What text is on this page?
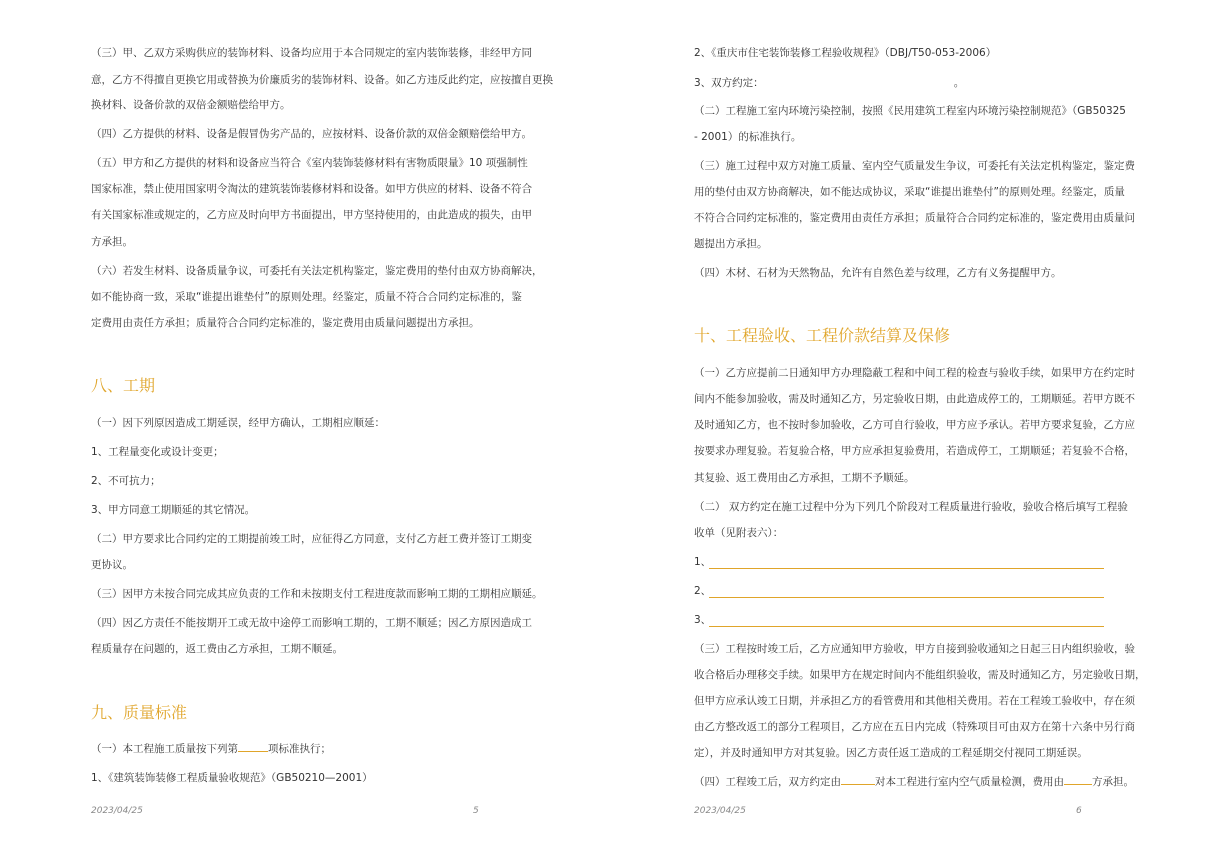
（三）甲、乙双方采购供应的装饰材料、设备均应用于本合同规定的室内装饰装修，非经甲方同
意，乙方不得擅自更换它用或替换为价廉质劣的装饰材料、设备。如乙方违反此约定，应按擅自更换
换材料、设备价款的双倍金额赔偿给甲方。
（四）乙方提供的材料、设备是假冒伪劣产品的，应按材料、设备价款的双倍金额赔偿给甲方。
（五）甲方和乙方提供的材料和设备应当符合《室内装饰装修材料有害物质限量》10 项强制性
国家标准，禁止使用国家明令淘汰的建筑装饰装修材料和设备。如甲方供应的材料、设备不符合
有关国家标准或规定的，乙方应及时向甲方书面提出，甲方坚持使用的，由此造成的损失，由甲
方承担。
（六）若发生材料、设备质量争议，可委托有关法定机构鉴定，鉴定费用的垫付由双方协商解决，
如不能协商一致，采取“谁提出谁垫付”的原则处理。经鉴定，质量不符合合同约定标准的，鉴
定费用由责任方承担；质量符合合同约定标准的，鉴定费用由质量问题提出方承担。
八、工期
（一）因下列原因造成工期延误，经甲方确认，工期相应顺延：
1、工程量变化或设计变更；
2、不可抗力；
3、甲方同意工期顺延的其它情况。
（二）甲方要求比合同约定的工期提前竣工时，应征得乙方同意，支付乙方赶工费并签订工期变
更协议。
（三）因甲方未按合同完成其应负责的工作和未按期支付工程进度款而影响工期的工期相应顺延。
（四）因乙方责任不能按期开工或无故中途停工而影响工期的，工期不顺延；因乙方原因造成工
程质量存在问题的，返工费由乙方承担，工期不顺延。
九、质量标准
（一）本工程施工质量按下列第	项标准执行；
1、《建筑装饰装修工程质量验收规范》（GB50210—2001）
2023/04/25	5
2、《重庆市住宅装饰装修工程验收规程》（DBJ/T50-053-2006）
3、双方约定：	。
（二）工程施工室内环境污染控制，按照《民用建筑工程室内环境污染控制规范》（GB50325
- 2001）的标准执行。
（三）施工过程中双方对施工质量、室内空气质量发生争议，可委托有关法定机构鉴定，鉴定费
用的垫付由双方协商解决，如不能达成协议，采取“谁提出谁垫付”的原则处理。经鉴定，质量
不符合合同约定标准的，鉴定费用由责任方承担；质量符合合同约定标准的，鉴定费用由质量问
题提出方承担。
（四）木材、石材为天然物品，允许有自然色差与纹理，乙方有义务提醒甲方。
十、工程验收、工程价款结算及保修
（一）乙方应提前二日通知甲方办理隐蔽工程和中间工程的检查与验收手续，如果甲方在约定时
间内不能参加验收，需及时通知乙方，另定验收日期，由此造成停工的，工期顺延。若甲方既不
及时通知乙方，也不按时参加验收，乙方可自行验收，甲方应予承认。若甲方要求复验，乙方应
按要求办理复验。若复验合格，甲方应承担复验费用，若造成停工，工期顺延；若复验不合格，
其复验、返工费用由乙方承担，工期不予顺延。
（二） 双方约定在施工过程中分为下列几个阶段对工程质量进行验收，验收合格后填写工程验
收单（见附表六）：
1、
2、
3、
（三）工程按时竣工后，乙方应通知甲方验收，甲方自接到验收通知之日起三日内组织验收，验
收合格后办理移交手续。如果甲方在规定时间内不能组织验收，需及时通知乙方，另定验收日期，
但甲方应承认竣工日期，并承担乙方的看管费用和其他相关费用。若在工程竣工验收中，存在须
由乙方整改返工的部分工程项目，乙方应在五日内完成（特殊项目可由双方在第十六条中另行商
定），并及时通知甲方对其复验。因乙方责任返工造成的工程延期交付视同工期延误。
（四）工程竣工后，双方约定由	对本工程进行室内空气质量检测，费用由	方承担。
2023/04/25	6
